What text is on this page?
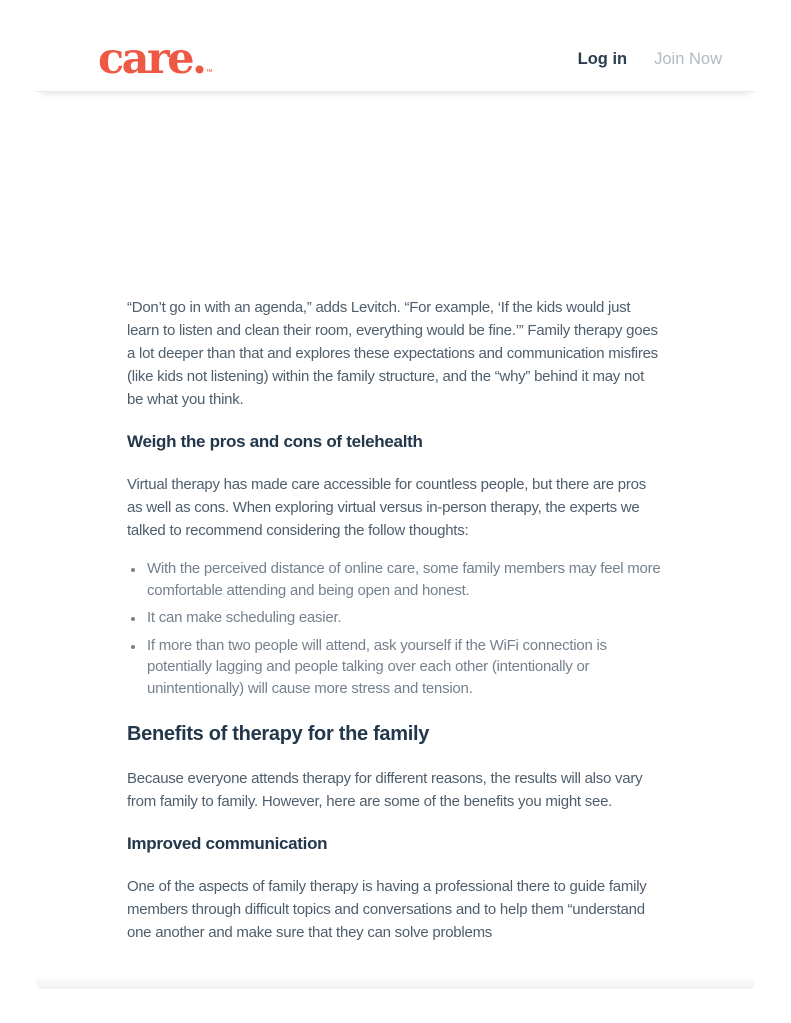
care. ™
Log in Join Now

“Don’t go in with an agenda,” adds Levitch. “For example, ‘If the kids would just learn to listen and clean their room, everything would be fine.’” Family therapy goes a lot deeper than that and explores these expectations and communication misfires (like kids not listening) within the family structure, and the “why” behind it may not be what you think.

Weigh the pros and cons of telehealth

Virtual therapy has made care accessible for countless people, but there are pros as well as cons. When exploring virtual versus in-person therapy, the experts we talked to recommend considering the follow thoughts:

• With the perceived distance of online care, some family members may feel more comfortable attending and being open and honest.
• It can make scheduling easier.
• If more than two people will attend, ask yourself if the WiFi connection is potentially lagging and people talking over each other (intentionally or unintentionally) will cause more stress and tension.
Benefits of therapy for the family

Because everyone attends therapy for different reasons, the results will also vary from family to family. However, here are some of the benefits you might see.

Improved communication

One of the aspects of family therapy is having a professional there to guide family members through difficult topics and conversations and to help them “understand one another and make sure that they can solve problems
